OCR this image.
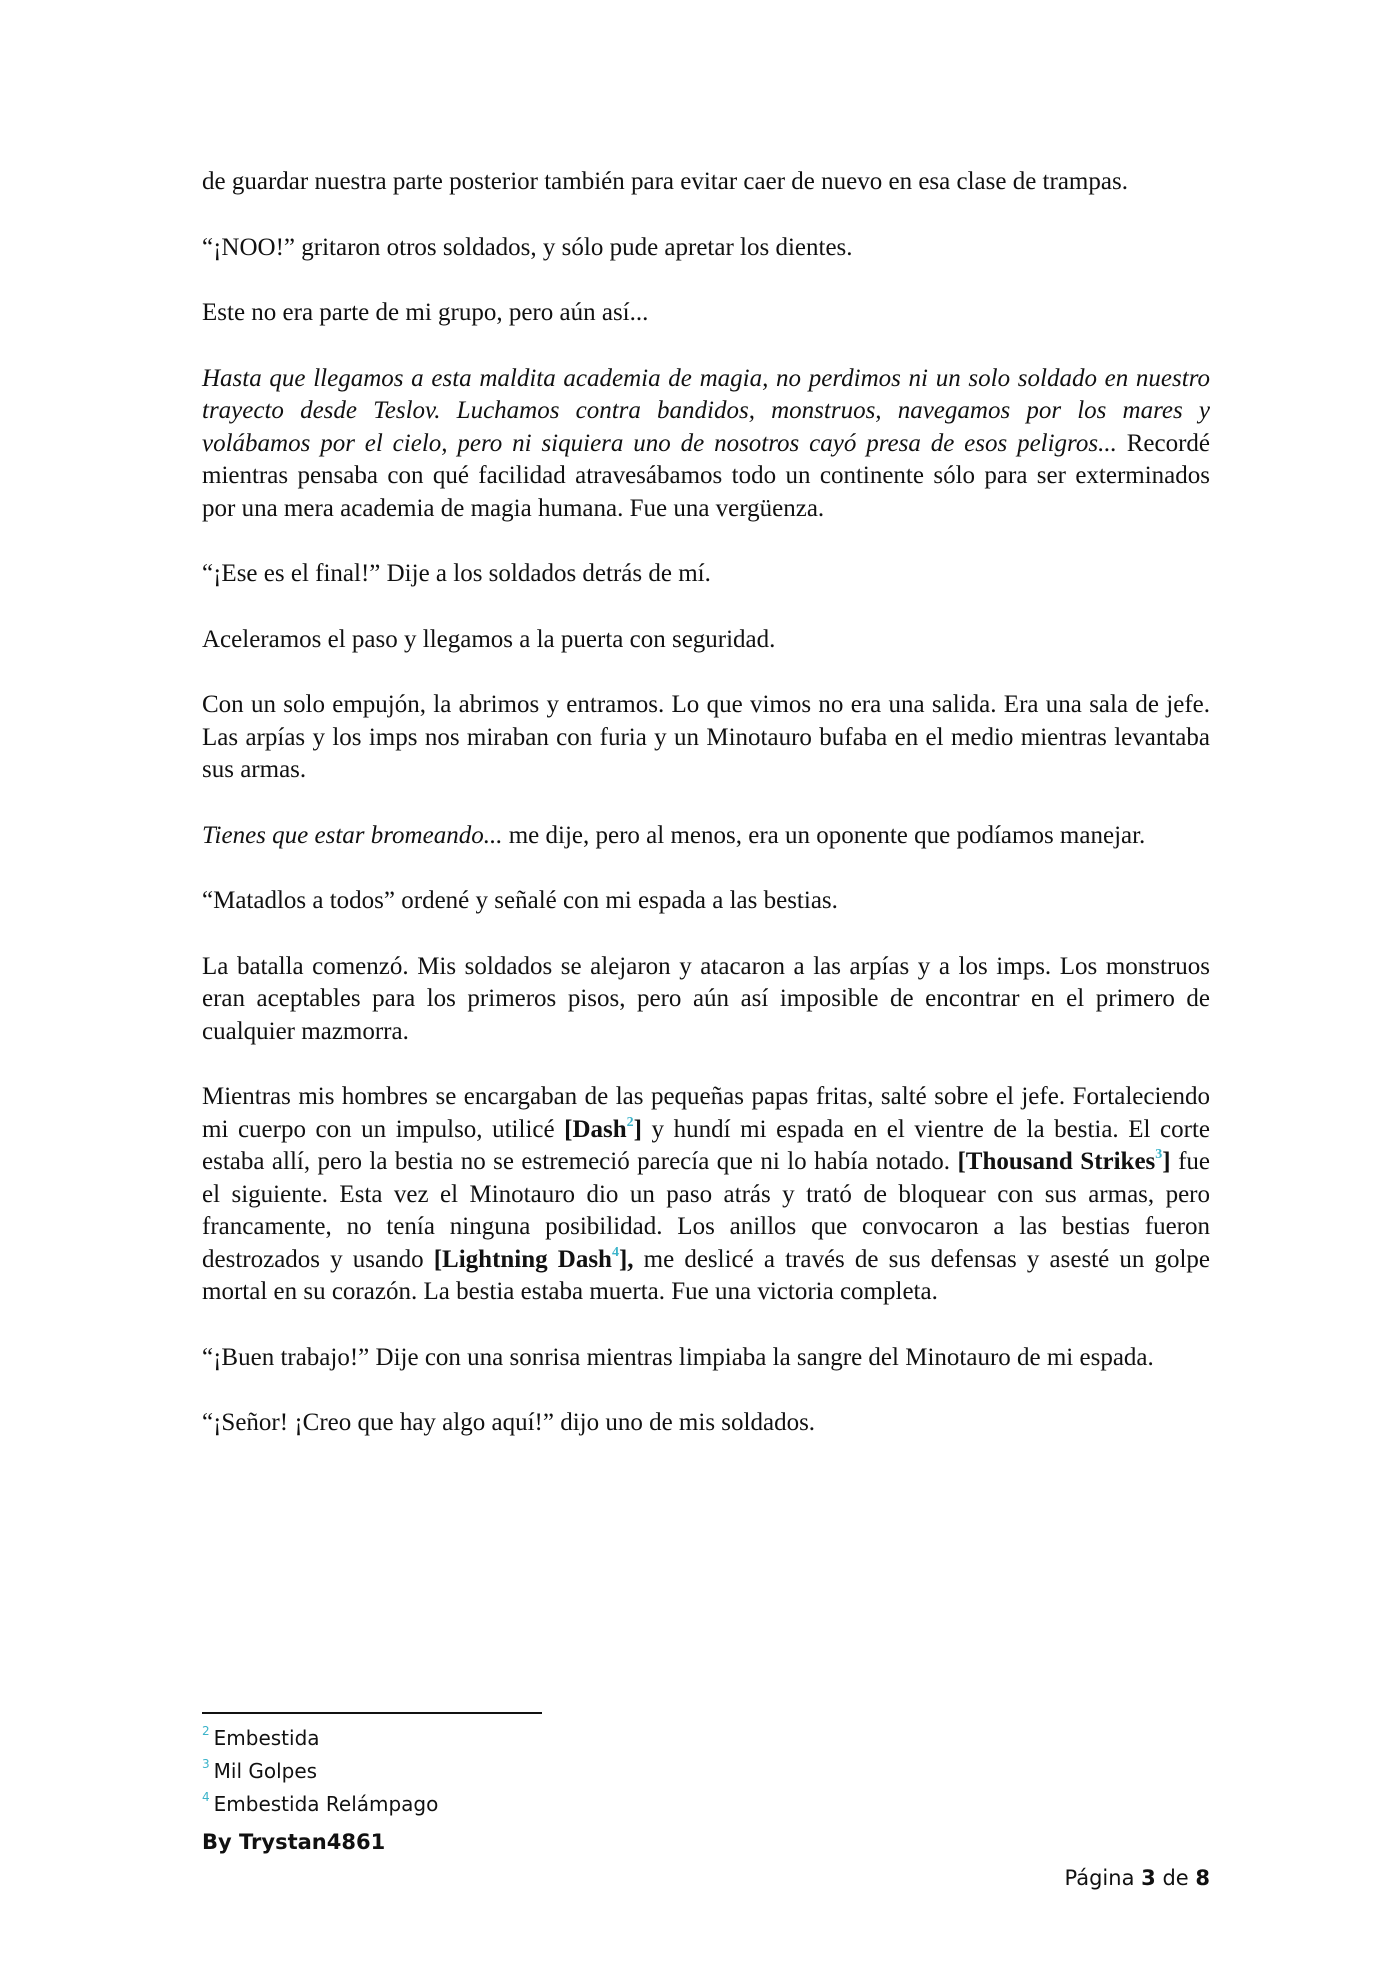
de guardar nuestra parte posterior también para evitar caer de nuevo en esa clase de trampas.

“¡NOO!” gritaron otros soldados, y sólo pude apretar los dientes.

Este no era parte de mi grupo, pero aún así...

Hasta que llegamos a esta maldita academia de magia, no perdimos ni un solo soldado en nuestro trayecto desde Teslov. Luchamos contra bandidos, monstruos, navegamos por los mares y volábamos por el cielo, pero ni siquiera uno de nosotros cayó presa de esos peligros... Recordé mientras pensaba con qué facilidad atravesábamos todo un continente sólo para ser exterminados por una mera academia de magia humana. Fue una vergüenza.

“¡Ese es el final!” Dije a los soldados detrás de mí.

Aceleramos el paso y llegamos a la puerta con seguridad.

Con un solo empujón, la abrimos y entramos. Lo que vimos no era una salida. Era una sala de jefe. Las arpías y los imps nos miraban con furia y un Minotauro bufaba en el medio mientras levantaba sus armas.

Tienes que estar bromeando... me dije, pero al menos, era un oponente que podíamos manejar.

“Matadlos a todos” ordené y señalé con mi espada a las bestias.

La batalla comenzó. Mis soldados se alejaron y atacaron a las arpías y a los imps. Los monstruos eran aceptables para los primeros pisos, pero aún así imposible de encontrar en el primero de cualquier mazmorra.

Mientras mis hombres se encargaban de las pequeñas papas fritas, salté sobre el jefe. Fortaleciendo mi cuerpo con un impulso, utilicé [Dash$^2$] y hundí mi espada en el vientre de la bestia. El corte estaba allí, pero la bestia no se estremeció parecía que ni lo había notado. [Thousand Strikes$^3$] fue el siguiente. Esta vez el Minotauro dio un paso atrás y trató de bloquear con sus armas, pero francamente, no tenía ninguna posibilidad. Los anillos que convocaron a las bestias fueron destrozados y usando [Lightning Dash$^4$], me deslicé a través de sus defensas y asesté un golpe mortal en su corazón. La bestia estaba muerta. Fue una victoria completa.

“¡Buen trabajo!” Dije con una sonrisa mientras limpiaba la sangre del Minotauro de mi espada.

“¡Señor! ¡Creo que hay algo aquí!” dijo uno de mis soldados.

$^2$ Embestida
$^3$ Mil Golpes
$^4$ Embestida Relámpago
By Trystan4861
Página 3 de 8
